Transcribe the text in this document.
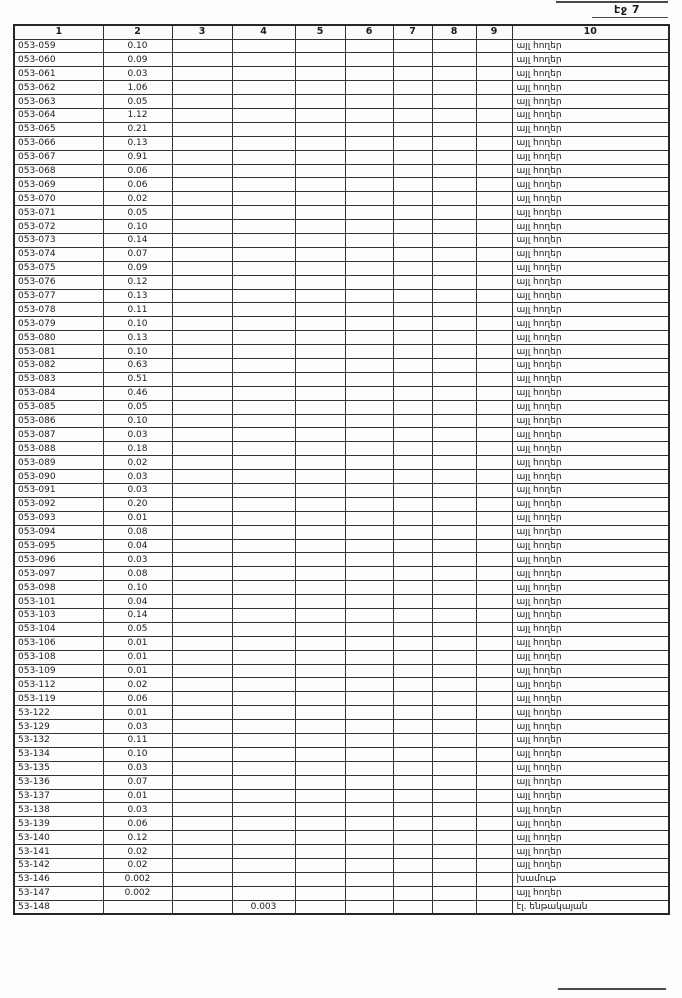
էջ 7
1	2	3	4	5	6	7	8	9	10
053-059	0.10								այլ հողեր
053-060	0.09								այլ հողեր
053-061	0.03								այլ հողեր
053-062	1.06								այլ հողեր
053-063	0.05								այլ հողեր
053-064	1.12								այլ հողեր
053-065	0.21								այլ հողեր
053-066	0.13								այլ հողեր
053-067	0.91								այլ հողեր
053-068	0.06								այլ հողեր
053-069	0.06								այլ հողեր
053-070	0.02								այլ հողեր
053-071	0.05								այլ հողեր
053-072	0.10								այլ հողեր
053-073	0.14								այլ հողեր
053-074	0.07								այլ հողեր
053-075	0.09								այլ հողեր
053-076	0.12								այլ հողեր
053-077	0.13								այլ հողեր
053-078	0.11								այլ հողեր
053-079	0.10								այլ հողեր
053-080	0.13								այլ հողեր
053-081	0.10								այլ հողեր
053-082	0.63								այլ հողեր
053-083	0.51								այլ հողեր
053-084	0.46								այլ հողեր
053-085	0.05								այլ հողեր
053-086	0.10								այլ հողեր
053-087	0.03								այլ հողեր
053-088	0.18								այլ հողեր
053-089	0.02								այլ հողեր
053-090	0.03								այլ հողեր
053-091	0.03								այլ հողեր
053-092	0.20								այլ հողեր
053-093	0.01								այլ հողեր
053-094	0.08								այլ հողեր
053-095	0.04								այլ հողեր
053-096	0.03								այլ հողեր
053-097	0.08								այլ հողեր
053-098	0.10								այլ հողեր
053-101	0.04								այլ հողեր
053-103	0.14								այլ հողեր
053-104	0.05								այլ հողեր
053-106	0.01								այլ հողեր
053-108	0.01								այլ հողեր
053-109	0.01								այլ հողեր
053-112	0.02								այլ հողեր
053-119	0.06								այլ հողեր
53-122	0.01								այլ հողեր
53-129	0.03								այլ հողեր
53-132	0.11								այլ հողեր
53-134	0.10								այլ հողեր
53-135	0.03								այլ հողեր
53-136	0.07								այլ հողեր
53-137	0.01								այլ հողեր
53-138	0.03								այլ հողեր
53-139	0.06								այլ հողեր
53-140	0.12								այլ հողեր
53-141	0.02								այլ հողեր
53-142	0.02								այլ հողեր
53-146	0.002								խամութ
53-147	0.002								այլ հողեր
53-148			0.003						էլ. ենթակայան
